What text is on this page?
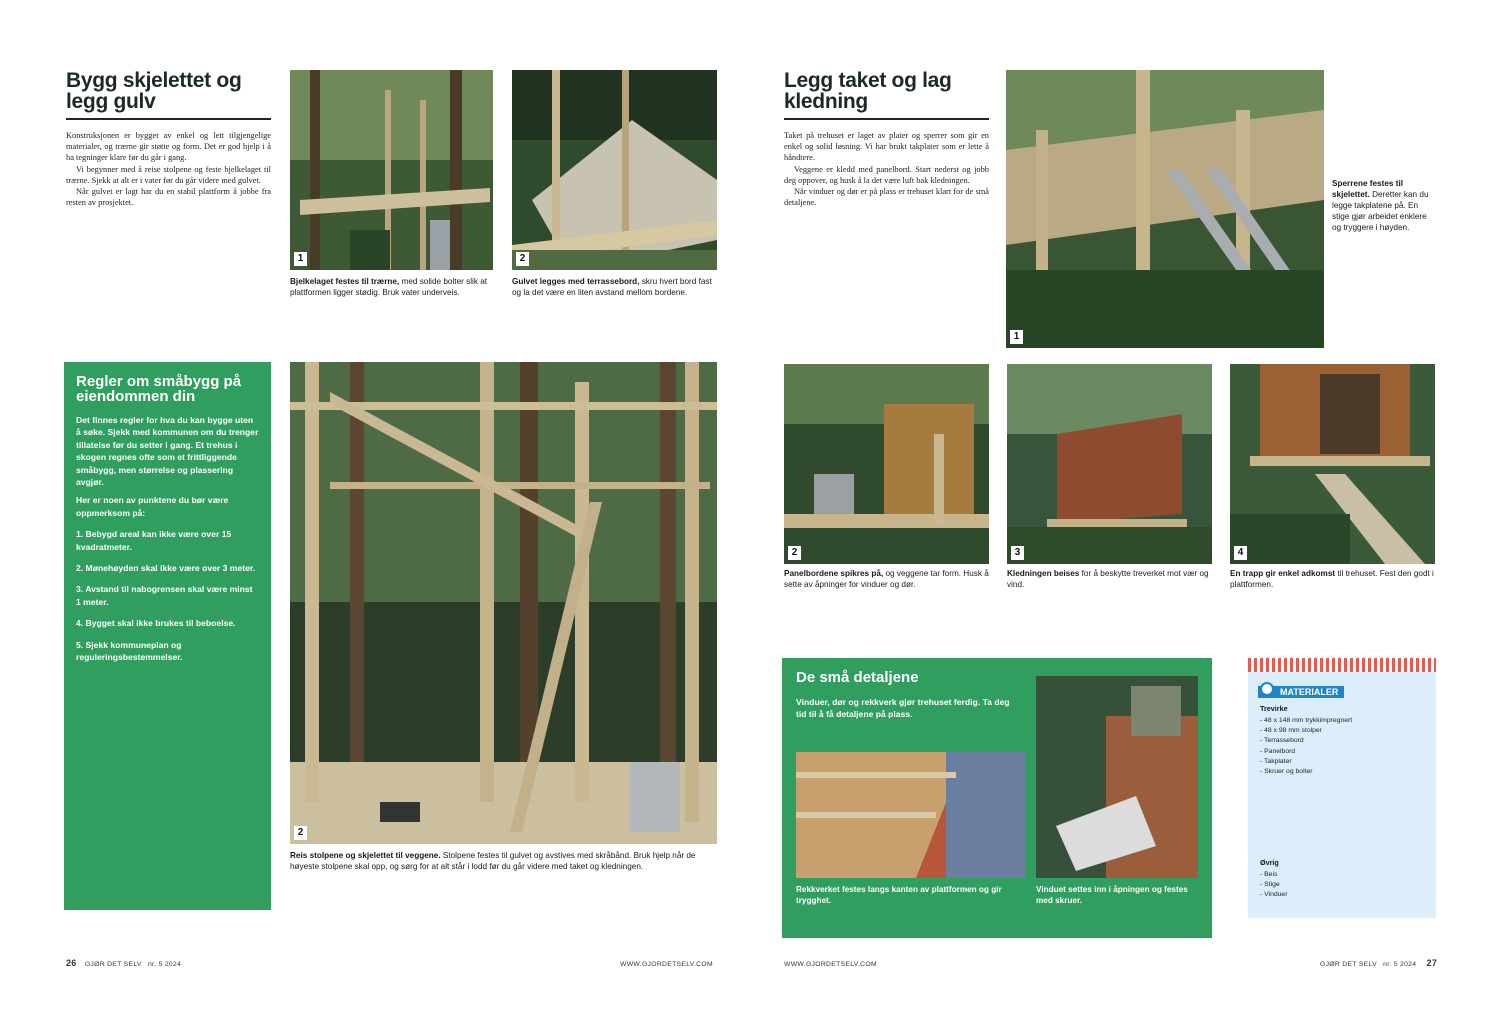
Bygg skjelettet og legg gulv

Konstruksjonen er bygget av enkel og lett tilgjengelige materialer, og trærne gir støtte og form. Det er god hjelp i å ha tegninger klare før du går i gang.

Vi begynner med å reise stolpene og feste bjelkelaget til trærne. Sjekk at alt er i vater før du går videre med gulvet.

Når gulvet er lagt har du en stabil plattform å jobbe fra resten av prosjektet.

1
Bjelkelaget festes til trærne, med solide bolter slik at plattformen ligger stødig. Bruk vater underveis.
2
Gulvet legges med terrassebord, skru hvert bord fast og la det være en liten avstand mellom bordene.
Regler om småbygg på eiendommen din
Det finnes regler for hva du kan bygge uten å søke. Sjekk med kommunen om du trenger tillatelse før du setter i gang. Et trehus i skogen regnes ofte som et frittliggende småbygg, men størrelse og plassering avgjør.
Her er noen av punktene du bør være oppmerksom på:
1. Bebygd areal kan ikke være over 15 kvadratmeter.
2. Mønehøyden skal ikke være over 3 meter.
3. Avstand til nabogrensen skal være minst 1 meter.
4. Bygget skal ikke brukes til beboelse.
5. Sjekk kommuneplan og reguleringsbestemmelser.
2
Reis stolpene og skjelettet til veggene. Stolpene festes til gulvet og avstives med skråbånd. Bruk hjelp når de høyeste stolpene skal opp, og sørg for at alt står i lodd før du går videre med taket og kledningen.
26 GJØR DET SELV nr. 5 2024	WWW.GJORDETSELV.COM
Legg taket og lag kledning

Taket på trehuset er laget av plater og sperrer som gir en enkel og solid løsning. Vi har brukt takplater som er lette å håndtere.

Veggene er kledd med panelbord. Start nederst og jobb deg oppover, og husk å la det være luft bak kledningen.

Når vinduer og dør er på plass er trehuset klart for de små detaljene.

1
Sperrene festes til skjelettet. Deretter kan du legge takplatene på. En stige gjør arbeidet enklere og tryggere i høyden.
2
Panelbordene spikres på, og veggene tar form. Husk å sette av åpninger for vinduer og dør.
3
Kledningen beises for å beskytte treverket mot vær og vind.
4
En trapp gir enkel adkomst til trehuset. Fest den godt i plattformen.
De små detaljene
Vinduer, dør og rekkverk gjør trehuset ferdig. Ta deg tid til å få detaljene på plass.
Rekkverket festes langs kanten av plattformen og gir trygghet.
Vinduet settes inn i åpningen og festes med skruer.
MATERIALER
Trevirke
- 48 x 148 mm trykkimpregnert
- 48 x 98 mm stolper
- Terrassebord
- Panelbord
- Takplater
- Skruer og bolter
Øvrig
- Beis
- Stige
- Vinduer
WWW.GJORDETSELV.COM	GJØR DET SELV nr. 5 2024 27
